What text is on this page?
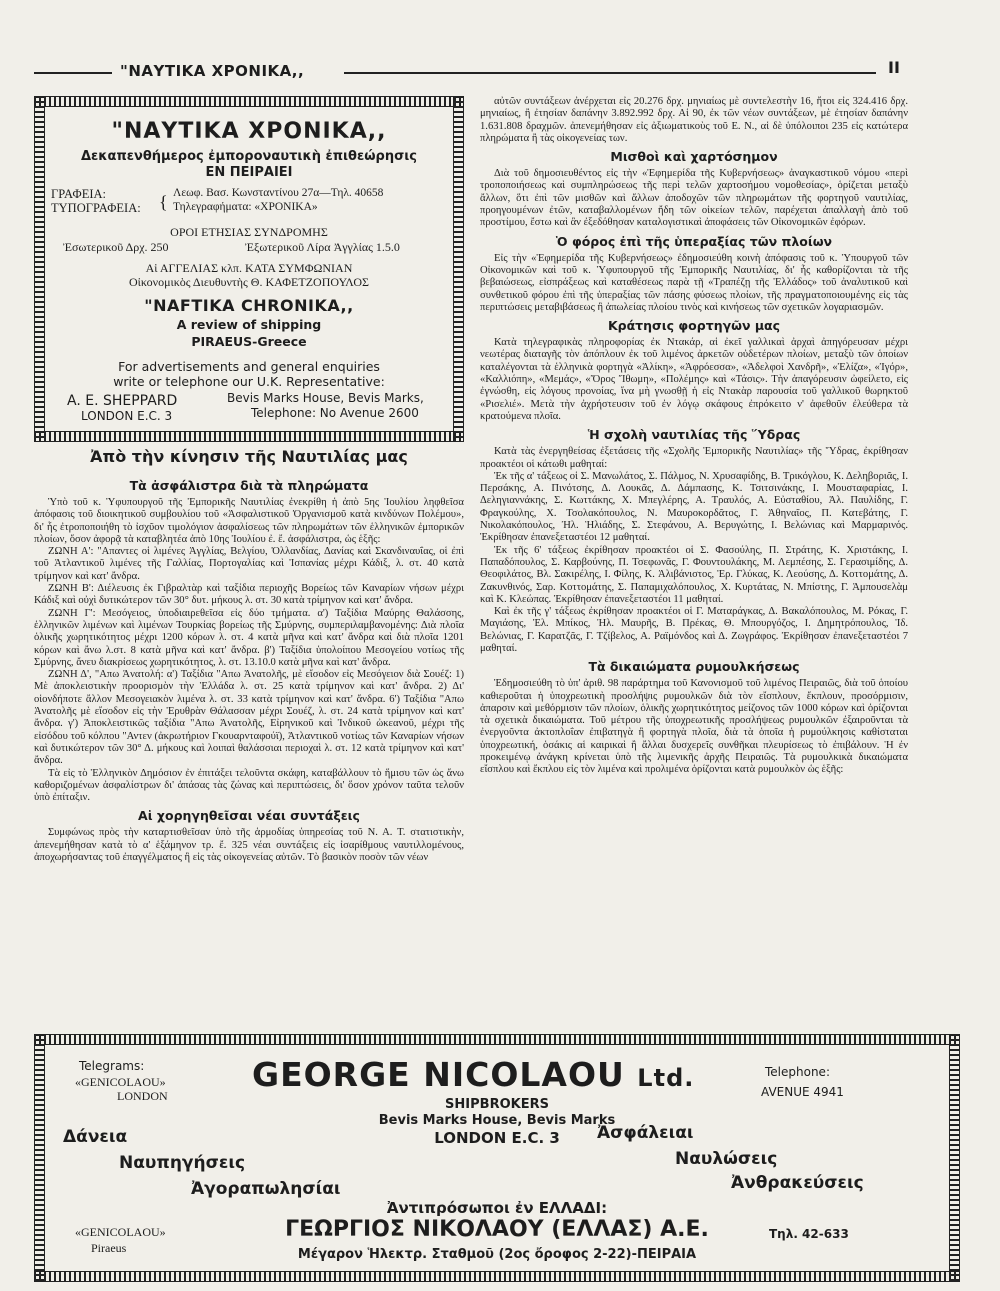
"ΝΑΥΤΙΚΑ ΧΡΟΝΙΚΑ,,	II
"ΝΑΥΤΙΚΑ ΧΡΟΝΙΚΑ,,
Δεκαπενθήμερος ἐμποροναυτικὴ ἐπιθεώρησις
ΕΝ ΠΕΙΡΑΙΕΙ
ΓΡΑΦΕΙΑ:
ΤΥΠΟΓΡΑΦΕΙΑ: { Λεωφ. Βασ. Κωνσταντίνου 27α—Τηλ. 40658
Τηλεγραφήματα: «ΧΡΟΝΙΚΑ»
ΟΡΟΙ ΕΤΗΣΙΑΣ ΣΥΝΔΡΟΜΗΣ
Ἐσωτερικοῦ Δρχ. 250	Ἐξωτερικοῦ Λίρα Ἀγγλίας 1.5.0
Αἱ ΑΓΓΕΛΙΑΣ κλπ. ΚΑΤΑ ΣΥΜΦΩΝΙΑΝ
Οἰκονομικὸς Διευθυντὴς Θ. ΚΑΦΕΤΖΟΠΟΥΛΟΣ
"NAFTIKA CHRONIKA,,
A review of shipping
PIRAEUS-Greece
For advertisements and general enquiries
write or telephone our U.K. Representative:
A. E. SHEPPARD
LONDON E.C. 3
Bevis Marks House, Bevis Marks,
Telephone: No Avenue 2600
Ἀπὸ τὴν κίνησιν τῆς Ναυτιλίας μας
Τὰ ἀσφάλιστρα διὰ τὰ πληρώματα

Ὑπὸ τοῦ κ. Ὑφυπουργοῦ τῆς Ἐμπορικῆς Ναυτιλίας ἐνεκρίθη ἡ ἀπὸ 5ης Ἰουλίου ληφθεῖσα ἀπόφασις τοῦ διοικητικοῦ συμβουλίου τοῦ «Ἀσφαλιστικοῦ Ὀργανισμοῦ κατὰ κινδύνων Πολέμου», δι' ἧς ἐτροποποιήθη τὸ ἰσχῦον τιμολόγιον ἀσφαλίσεως τῶν πληρωμάτων τῶν ἑλληνικῶν ἐμπορικῶν πλοίων, ὅσον ἀφορᾷ τὰ καταβλητέα ἀπὸ 10ης Ἰουλίου ἐ. ἔ. ἀσφάλιστρα, ὡς ἑξῆς:

ΖΩΝΗ Α': "Απαντες οἱ λιμένες Ἀγγλίας, Βελγίου, Ὀλλανδίας, Δανίας καὶ Σκανδιναυΐας, οἱ ἐπὶ τοῦ Ἀτλαντικοῦ λιμένες τῆς Γαλλίας, Πορτογαλίας καὶ Ἰσπανίας μέχρι Κάδιξ, λ. στ. 40 κατὰ τρίμηνον καὶ κατ' ἄνδρα.

ΖΩΝΗ Β': Διέλευσις ἐκ Γιβραλτὰρ καὶ ταξίδια περιοχῆς Βορείως τῶν Καναρίων νήσων μέχρι Κάδιξ καὶ οὐχὶ δυτικώτερον τῶν 30° δυτ. μήκους λ. στ. 30 κατὰ τρίμηνον καὶ κατ' ἄνδρα.

ΖΩΝΗ Γ': Μεσόγειος, ὑποδιαιρεθεῖσα εἰς δύο τμήματα. α') Ταξίδια Μαύρης Θαλάσσης, ἑλληνικῶν λιμένων καὶ λιμένων Τουρκίας βορείως τῆς Σμύρνης, συμπεριλαμβανομένης: Διὰ πλοῖα ὁλικῆς χωρητικότητος μέχρι 1200 κόρων λ. στ. 4 κατὰ μῆνα καὶ κατ' ἄνδρα καὶ διὰ πλοῖα 1201 κόρων καὶ ἄνω λ.στ. 8 κατὰ μῆνα καὶ κατ' ἄνδρα. β') Ταξίδια ὑπολοίπου Μεσογείου νοτίως τῆς Σμύρνης, ἄνευ διακρίσεως χωρητικότητος, λ. στ. 13.10.0 κατὰ μῆνα καὶ κατ' ἄνδρα.

ΖΩΝΗ Δ', "Απω Ἀνατολή: α') Ταξίδια "Απω Ἀνατολῆς, μὲ εἴσοδον εἰς Μεσόγειον διὰ Σουέζ: 1) Μὲ ἀποκλειστικὴν προορισμὸν τὴν Ἑλλάδα λ. στ. 25 κατὰ τρίμηνον καὶ κατ' ἄνδρα. 2) Δι' οἱονδήποτε ἄλλον Μεσογειακὸν λιμένα λ. στ. 33 κατὰ τρίμηνον καὶ κατ' ἄνδρα. 6') Ταξίδια "Απω Ἀνατολῆς μὲ εἴσοδον εἰς τὴν Ἐρυθρὰν Θάλασσαν μέχρι Σουέζ, λ. στ. 24 κατὰ τρίμηνον καὶ κατ' ἄνδρα. γ') Ἀποκλειστικῶς ταξίδια "Απω Ἀνατολῆς, Εἰρηνικοῦ καὶ Ἰνδικοῦ ὠκεανοῦ, μέχρι τῆς εἰσόδου τοῦ κόλπου "Αντεν (ἀκρωτήριον Γκουαρνταφούϊ), Ἀτλαντικοῦ νοτίως τῶν Καναρίων νήσων καὶ δυτικώτερον τῶν 30° Δ. μήκους καὶ λοιπαὶ θαλάσσιαι περιοχαὶ λ. στ. 12 κατὰ τρίμηνον καὶ κατ' ἄνδρα.

Τὰ εἰς τὸ Ἑλληνικὸν Δημόσιον ἐν ἐπιτάξει τελοῦντα σκάφη, καταβάλλουν τὸ ἥμισυ τῶν ὡς ἄνω καθοριζομένων ἀσφαλίστρων δι' ἁπάσας τὰς ζώνας καὶ περιπτώσεις, δι' ὅσον χρόνον ταῦτα τελοῦν ὑπὸ ἐπίταξιν.

Αἱ χορηγηθεῖσαι νέαι συντάξεις

Συμφώνως πρὸς τὴν καταρτισθεῖσαν ὑπὸ τῆς ἁρμοδίας ὑπηρεσίας τοῦ Ν. Α. Τ. στατιστικὴν, ἀπενεμήθησαν κατὰ τὸ α' ἑξάμηνον τρ. ἔ. 325 νέαι συντάξεις εἰς ἰσαρίθμους ναυτιλλομένους, ἀποχωρήσαντας τοῦ ἐπαγγέλματος ἢ εἰς τὰς οἰκογενείας αὐτῶν. Τὸ βασικὸν ποσὸν τῶν νέων

αὐτῶν συντάξεων ἀνέρχεται εἰς 20.276 δρχ. μηνιαίως μὲ συντελεστὴν 16, ἤτοι εἰς 324.416 δρχ. μηνιαίως, ἢ ἐτησίαν δαπάνην 3.892.992 δρχ. Αἱ 90, ἐκ τῶν νέων συντάξεων, μὲ ἐτησίαν δαπάνην 1.631.808 δραχμῶν. ἀπενεμήθησαν εἰς ἀξιωματικοὺς τοῦ Ε. Ν., αἱ δὲ ὑπόλοιποι 235 εἰς κατώτερα πληρώματα ἢ τὰς οἰκογενείας των.

Μισθοὶ καὶ χαρτόσημον

Διὰ τοῦ δημοσιευθέντος εἰς τὴν «Ἐφημερίδα τῆς Κυβερνήσεως» ἀναγκαστικοῦ νόμου «περὶ τροποποιήσεως καὶ συμπληρώσεως τῆς περὶ τελῶν χαρτοσήμου νομοθεσίας», ὁρίζεται μεταξὺ ἄλλων, ὅτι ἐπὶ τῶν μισθῶν καὶ ἄλλων ἀποδοχῶν τῶν πληρωμάτων τῆς φορτηγοῦ ναυτιλίας, προηγουμένων ἐτῶν, καταβαλλομένων ἤδη τῶν οἰκείων τελῶν, παρέχεται ἀπαλλαγὴ ἀπὸ τοῦ προστίμου, ἔστω καὶ ἂν ἐξεδόθησαν καταλογιστικαὶ ἀποφάσεις τῶν Οἰκονομικῶν ἐφόρων.

Ὁ φόρος ἐπὶ τῆς ὑπεραξίας τῶν πλοίων

Εἰς τὴν «Ἐφημερίδα τῆς Κυβερνήσεως» ἐδημοσιεύθη κοινὴ ἀπόφασις τοῦ κ. Ὑπουργοῦ τῶν Οἰκονομικῶν καὶ τοῦ κ. Ὑφυπουργοῦ τῆς Ἐμπορικῆς Ναυτιλίας, δι' ἧς καθορίζονται τὰ τῆς βεβαιώσεως, εἰσπράξεως καὶ καταθέσεως παρὰ τῇ «Τραπέζῃ τῆς Ἑλλάδος» τοῦ ἀναλυτικοῦ καὶ συνθετικοῦ φόρου ἐπὶ τῆς ὑπεραξίας τῶν πάσης φύσεως πλοίων, τῆς πραγματοποιουμένης εἰς τὰς περιπτώσεις μεταβιβάσεως ἢ ἀπωλείας πλοίου τινὸς καὶ κινήσεως τῶν σχετικῶν λογαριασμῶν.

Κράτησις φορτηγῶν μας

Κατὰ τηλεγραφικὰς πληροφορίας ἐκ Ντακάρ, αἱ ἐκεῖ γαλλικαὶ ἀρχαὶ ἀπηγόρευσαν μέχρι νεωτέρας διαταγῆς τὸν ἀπόπλουν ἐκ τοῦ λιμένος ἀρκετῶν οὐδετέρων πλοίων, μεταξὺ τῶν ὁποίων καταλέγονται τὰ ἑλληνικὰ φορτηγὰ «Ἀλίκη», «Ἀφρόεσσα», «Ἀδελφοὶ Χανδρῆ», «Ἐλίζα», «Ἰγόρ», «Καλλιόπη», «Μεμάς», «Ὄρος Ἴθωμη», «Πολέμης» καὶ «Τάσις». Τὴν ἀπαγόρευσιν ὠφείλετο, εἰς ἐγνώσθη, εἰς λόγους προνοίας, ἵνα μὴ γνωσθῇ ἡ εἰς Ντακὰρ παρουσία τοῦ γαλλικοῦ θωρηκτοῦ «Ρισελιέ». Μετὰ τὴν ἀχρήστευσιν τοῦ ἐν λόγῳ σκάφους ἐπρόκειτο ν' ἀφεθοῦν ἐλεύθερα τὰ κρατούμενα πλοῖα.

Ἡ σχολὴ ναυτιλίας τῆς Ὕδρας

Κατὰ τὰς ἐνεργηθείσας ἐξετάσεις τῆς «Σχολῆς Ἐμπορικῆς Ναυτιλίας» τῆς Ὕδρας, ἐκρίθησαν προακτέοι οἱ κάτωθι μαθηταί:

Ἐκ τῆς α' τάξεως οἱ Σ. Μανωλάτος, Σ. Πάλμος, Ν. Χρυσαφίδης, Β. Τρικόγλου, Κ. Δεληβοριᾶς, Ι. Περσάκης, Α. Πινότσης, Δ. Λουκᾶς, Δ. Δάμπασης, Κ. Τσιτσινάκης, Ι. Μουσταφαρίας, Ι. Δεληγιαννάκης, Σ. Κωττάκης, Χ. Μπεγλέρης, Α. Τραυλός, Α. Εὐσταθίου, Ἀλ. Παυλίδης, Γ. Φραγκούλης, Χ. Τσολακόπουλος, Ν. Μαυροκορδᾶτος, Γ. Ἀθηναῖος, Π. Κατεβάτης, Γ. Νικολακόπουλος, Ἠλ. Ἡλιάδης, Σ. Στεφάνου, Α. Βερυγώτης, Ι. Βελώνιας καὶ Μαρμαρινός. Ἐκρίθησαν ἐπανεξεταστέοι 12 μαθηταί.

Ἐκ τῆς 6' τάξεως ἐκρίθησαν προακτέοι οἱ Σ. Φασούλης, Π. Στράτης, Κ. Χριστάκης, Ι. Παπαδόπουλος, Σ. Καρβούνης, Π. Τσεφωνᾶς, Γ. Φουντουλάκης, Μ. Λεμπέσης, Σ. Γερασιμίδης, Δ. Θεοφιλάτος, Βλ. Σακιρέλης, Ι. Φίλης, Κ. Ἀλιβάνιστος, Ἐρ. Γλύκας, Κ. Λεούσης, Δ. Κοττομάτης, Δ. Ζακυνθινός, Σαρ. Κοττομάτης, Σ. Παπαμιχαλόπουλος, Χ. Κυρτάτας, Ν. Μπίστης, Γ. Ἀμπουσελὰμ καὶ Κ. Κλεώπας. Ἐκρίθησαν ἐπανεξεταστέοι 11 μαθηταί.

Καὶ ἐκ τῆς γ' τάξεως ἐκρίθησαν προακτέοι οἱ Γ. Ματαράγκας, Δ. Βακαλόπουλος, Μ. Ρόκας, Γ. Μαγιάσης, Ἐλ. Μπίκος, Ἠλ. Μαυρῆς, Β. Πρέκας, Θ. Μπουργόζος, Ι. Δημητρόπουλος, Ἰδ. Βελώνιας, Γ. Καρατζᾶς, Γ. Τζίβελος, Α. Ραϊμόνδος καὶ Δ. Ζωγράφος. Ἐκρίθησαν ἐπανεξεταστέοι 7 μαθηταί.

Τὰ δικαιώματα ρυμουλκήσεως

Ἐδημοσιεύθη τὸ ὑπ' ἀριθ. 98 παράρτημα τοῦ Κανονισμοῦ τοῦ λιμένος Πειραιῶς, διὰ τοῦ ὁποίου καθιεροῦται ἡ ὑποχρεωτικὴ προσλήψις ρυμουλκῶν διὰ τὸν εἴσπλουν, ἔκπλουν, προσόρμισιν, ἀπαρσιν καὶ μεθόρμισιν τῶν πλοίων, ὁλικῆς χωρητικότητος μείζονος τῶν 1000 κόρων καὶ ὁρίζονται τὰ σχετικὰ δικαιώματα. Τοῦ μέτρου τῆς ὑποχρεωτικῆς προσλήψεως ρυμουλκῶν ἐξαιροῦνται τὰ ἐνεργοῦντα ἀκτοπλοΐαν ἐπιβατηγὰ ἢ φορτηγὰ πλοῖα, διὰ τὰ ὁποῖα ἡ ρυμούλκησις καθίσταται ὑποχρεωτική, ὁσάκις αἱ καιρικαὶ ἢ ἄλλαι δυσχερεῖς συνθῆκαι πλευρίσεως τὸ ἐπιβάλουν. Ἡ ἐν προκειμένῳ ἀνάγκη κρίνεται ὑπὸ τῆς λιμενικῆς ἀρχῆς Πειραιῶς. Τὰ ρυμουλκικὰ δικαιώματα εἴσπλου καὶ ἔκπλου εἰς τὸν λιμένα καὶ προλιμένα ὁρίζονται κατὰ ρυμουλκὸν ὡς ἑξῆς:

Telegrams:
«GENICOLAOU»
LONDON
GEORGE NICOLAOU Ltd.
SHIPBROKERS
Bevis Marks House, Bevis Marks
LONDON E.C. 3
Telephone:
AVENUE 4941
Δάνεια
Ναυπηγήσεις
Ἀγοραπωλησίαι
Ἀσφάλειαι
Ναυλώσεις
Ἀνθρακεύσεις
Ἀντιπρόσωποι ἐν ΕΛΛΑΔΙ:
«GENICOLAOU»
Piraeus
ΓΕΩΡΓΙΟΣ ΝΙΚΟΛΑΟΥ (ΕΛΛΑΣ) Α.Ε.	Τηλ. 42-633
Μέγαρον Ἡλεκτρ. Σταθμοῦ (2ος ὄροφος 2-22)-ΠΕΙΡΑΙΑ
